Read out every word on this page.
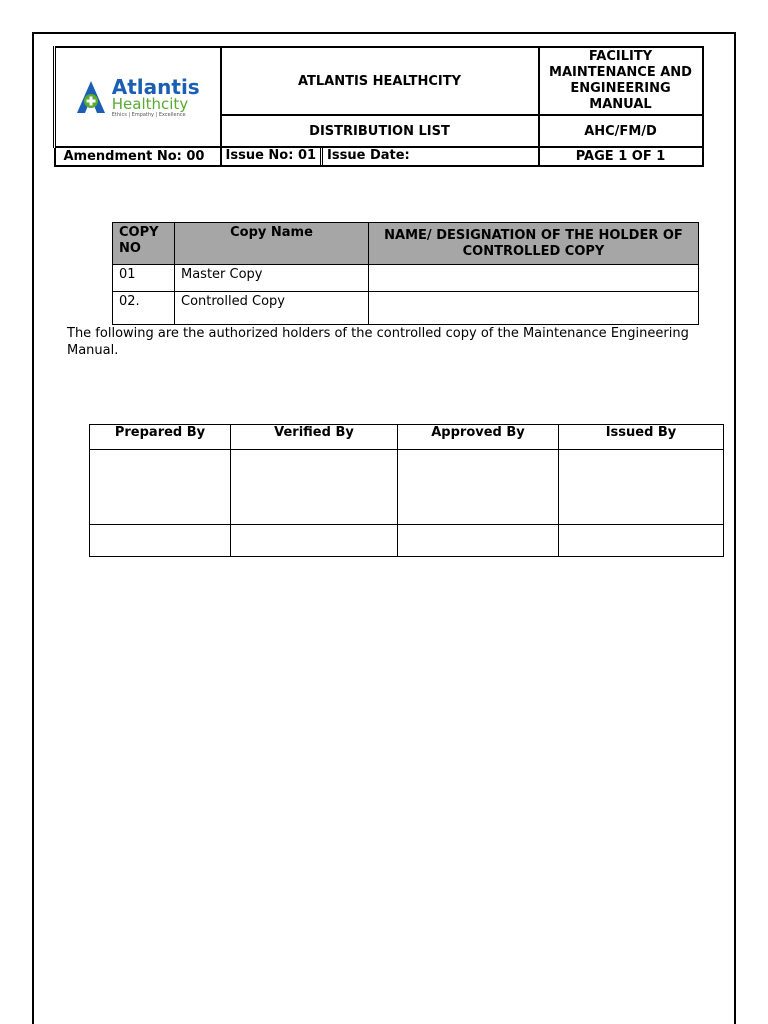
Atlantis
Healthcity
Ethics | Empathy | Excellence	ATLANTIS HEALTHCITY	FACILITY MAINTENANCE AND ENGINEERING MANUAL
	DISTRIBUTION LIST	AHC/FM/D
Amendment No: 00	Issue No: 01 Issue Date:	PAGE 1 OF 1
COPY NO	Copy Name	NAME/ DESIGNATION OF THE HOLDER OF CONTROLLED COPY
01	Master Copy	
02.	Controlled Copy	
The following are the authorized holders of the controlled copy of the Maintenance Engineering Manual.
Prepared By	Verified By	Approved By	Issued By
